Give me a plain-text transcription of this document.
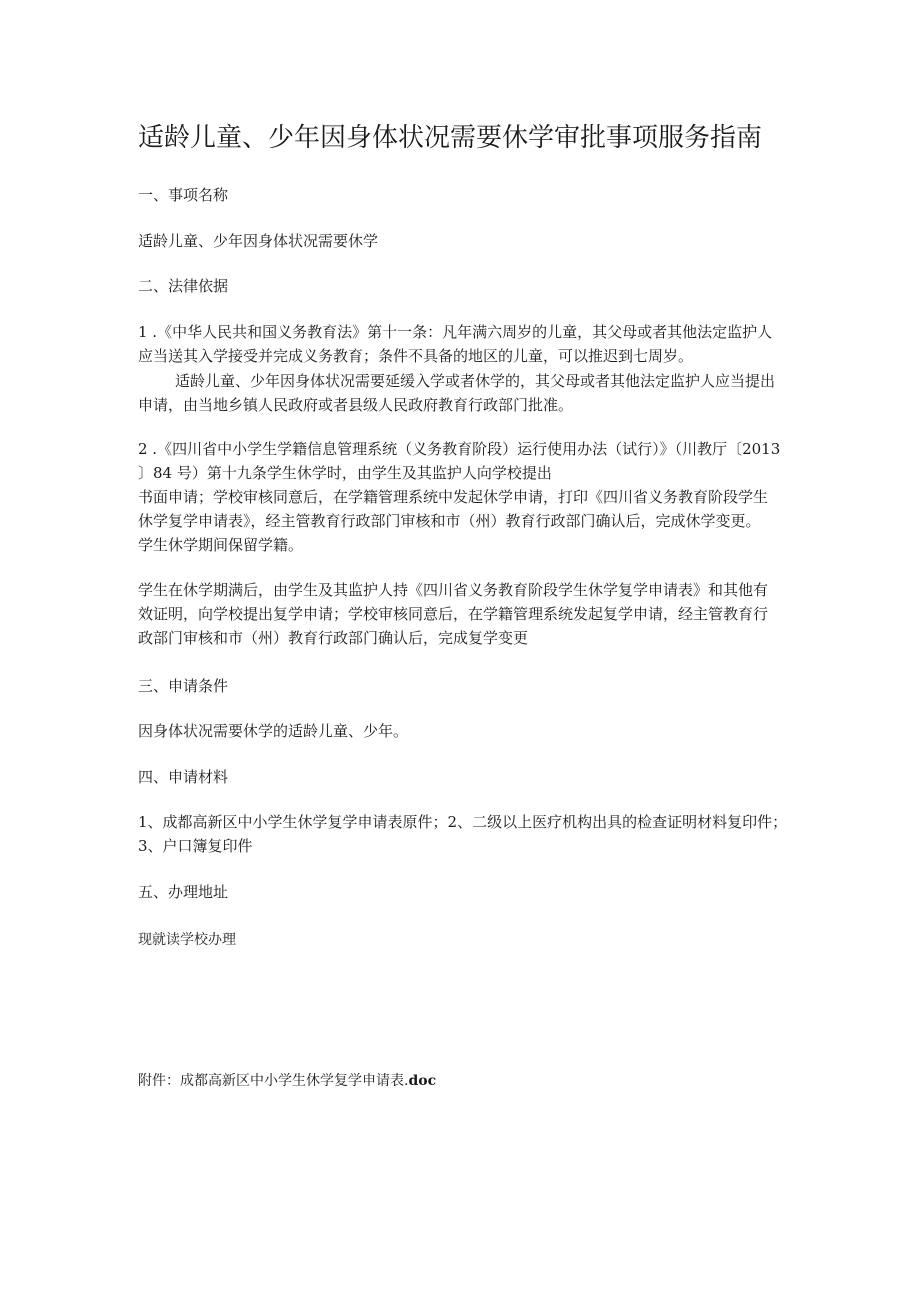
适龄儿童、少年因身体状况需要休学审批事项服务指南

一、事项名称

适龄儿童、少年因身体状况需要休学

二、法律依据

1 .《中华人民共和国义务教育法》第十一条：凡年满六周岁的儿童，其父母或者其他法定监护人
应当送其入学接受并完成义务教育；条件不具备的地区的儿童，可以推迟到七周岁。
适龄儿童、少年因身体状况需要延缓入学或者休学的，其父母或者其他法定监护人应当提出
申请，由当地乡镇人民政府或者县级人民政府教育行政部门批准。
2 .《四川省中小学生学籍信息管理系统（义务教育阶段）运行使用办法（试行）》（川教厅〔2013
〕84 号）第十九条学生休学时，由学生及其监护人向学校提出
书面申请；学校审核同意后，在学籍管理系统中发起休学申请，打印《四川省义务教育阶段学生
休学复学申请表》，经主管教育行政部门审核和市（州）教育行政部门确认后，完成休学变更。
学生休学期间保留学籍。
学生在休学期满后，由学生及其监护人持《四川省义务教育阶段学生休学复学申请表》和其他有
效证明，向学校提出复学申请；学校审核同意后，在学籍管理系统发起复学申请，经主管教育行
政部门审核和市（州）教育行政部门确认后，完成复学变更

三、申请条件

因身体状况需要休学的适龄儿童、少年。

四、申请材料

1、成都高新区中小学生休学复学申请表原件；2、二级以上医疗机构出具的检查证明材料复印件；
3、户口簿复印件

五、办理地址

现就读学校办理

附件：成都高新区中小学生休学复学申请表.doc
